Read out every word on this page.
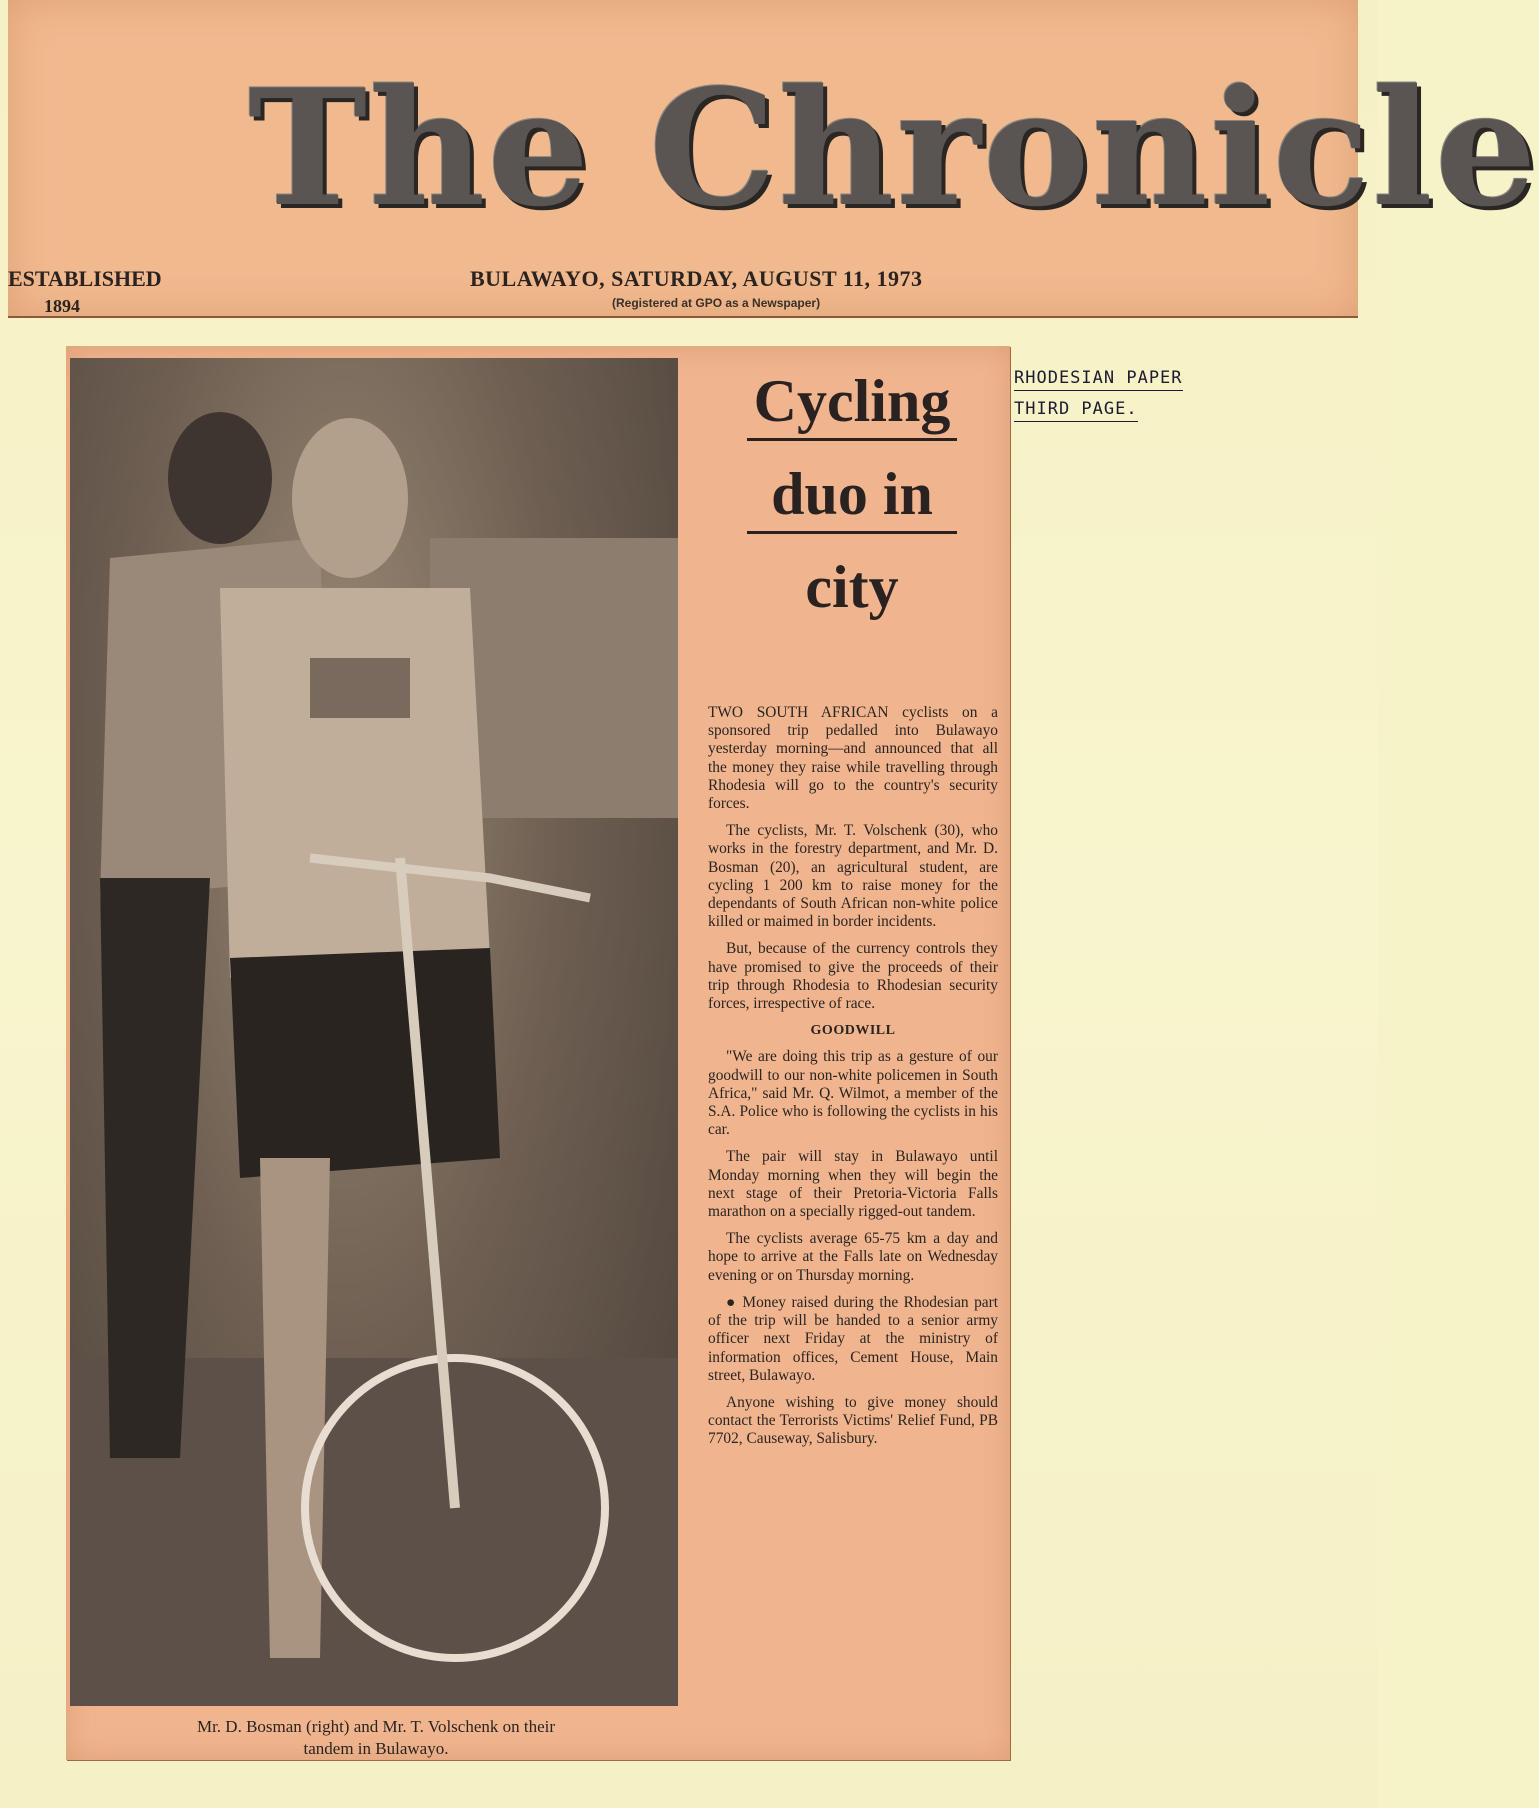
The Chronicle
ESTABLISHED
1894
BULAWAYO, SATURDAY, AUGUST 11, 1973
(Registered at GPO as a Newspaper)
Mr. D. Bosman (right) and Mr. T. Volschenk on their
tandem in Bulawayo.
Cycling
duo in
city

TWO SOUTH AFRICAN cyclists on a sponsored trip pedalled into Bulawayo yesterday morning—and announced that all the money they raise while travelling through Rhodesia will go to the country's security forces.

The cyclists, Mr. T. Volschenk (30), who works in the forestry department, and Mr. D. Bosman (20), an agricultural student, are cycling 1 200 km to raise money for the dependants of South African non-white police killed or maimed in border incidents.

But, because of the currency controls they have promised to give the proceeds of their trip through Rhodesia to Rhodesian security forces, irrespective of race.

GOODWILL

"We are doing this trip as a gesture of our goodwill to our non-white policemen in South Africa," said Mr. Q. Wilmot, a member of the S.A. Police who is following the cyclists in his car.

The pair will stay in Bulawayo until Monday morning when they will begin the next stage of their Pretoria-Victoria Falls marathon on a specially rigged-out tandem.

The cyclists average 65-75 km a day and hope to arrive at the Falls late on Wednesday evening or on Thursday morning.

● Money raised during the Rhodesian part of the trip will be handed to a senior army officer next Friday at the ministry of information offices, Cement House, Main street, Bulawayo.

Anyone wishing to give money should contact the Terrorists Victims' Relief Fund, PB 7702, Causeway, Salisbury.

RHODESIAN PAPER
THIRD PAGE.
